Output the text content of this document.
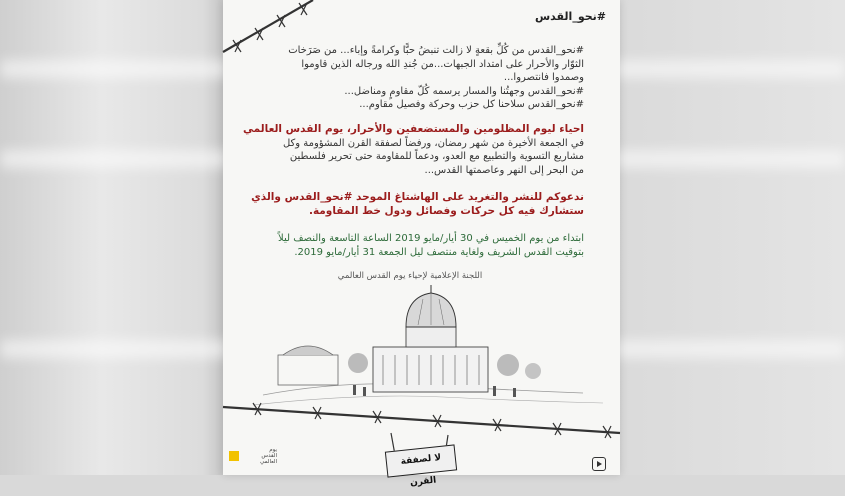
#نحو_القدس
#نحو_القدس من كُلِّ بقعةٍ لا زالت تنبضُ حبًّا وكرامةً وإباء... من صَرَخات
الثوّار والأحرار على امتداد الجبهات...من جُندِ الله ورجاله الذين قاوموا
وصمدوا فانتصروا...
#نحو_القدس وجهتُنا والمسار يرسمه كُلّ مقاومٍ ومناضل...
#نحو_القدس سلاحنا كل حزب وحركة وفصيل مقاوم...
احياء ليوم المظلومين والمستضعفين والأحرار، يوم القدس العالمي
في الجمعة الأخيرة من شهر رمضان، ورفضاً لصفقة القرن المشؤومة وكل
مشاريع التسوية والتطبيع مع العدو، ودعماً للمقاومة حتى تحرير فلسطين
من البحر إلى النهر وعاصمتها القدس...
ندعوكم للنشر والتغريد على الهاشتاغ الموحد #نحو_القدس والذي
ستشارك فيه كل حركات وفصائل ودول خط المقاومة.
ابتداء من يوم الخميس في 30 أيار/مايو 2019 الساعة التاسعة والنصف ليلاً
بتوقيت القدس الشريف ولغاية منتصف ليل الجمعة 31 أيار/مايو 2019.
اللجنة الإعلامية لإحياء يوم القدس العالمي
لا لصفقة القرن
يوم
القدس
العالمي
